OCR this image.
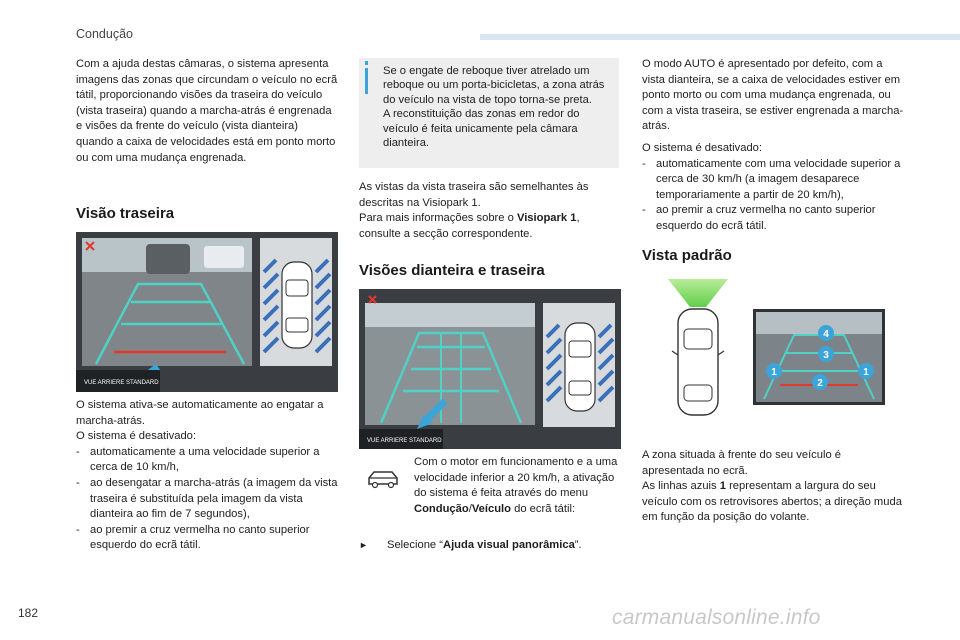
Condução

Com a ajuda destas câmaras, o sistema apresenta imagens das zonas que circundam o veículo no ecrã tátil, proporcionando visões da traseira do veículo (vista traseira) quando a marcha-atrás é engrenada e visões da frente do veículo (vista dianteira) quando a caixa de velocidades está em ponto morto ou com uma mudança engrenada.

Visão traseira
VUE ARRIERE STANDARD

O sistema ativa-se automaticamente ao engatar a marcha-atrás.

O sistema é desativado:

- automaticamente a uma velocidade superior a cerca de 10 km/h,

- ao desengatar a marcha-atrás (a imagem da vista traseira é substituída pela imagem da vista dianteira ao fim de 7 segundos),

- ao premir a cruz vermelha no canto superior esquerdo do ecrã tátil.

Se o engate de reboque tiver atrelado um reboque ou um porta-bicicletas, a zona atrás do veículo na vista de topo torna-se preta.
A reconstituição das zonas em redor do veículo é feita unicamente pela câmara dianteira.

As vistas da vista traseira são semelhantes às descritas na Visiopark 1.

Para mais informações sobre o Visiopark 1, consulte a secção correspondente.

Visões dianteira e traseira
VUE ARRIERE STANDARD

Com o motor em funcionamento e a uma velocidade inferior a 20 km/h, a ativação do sistema é feita através do menu Condução/Veículo do ecrã tátil:

► Selecione “Ajuda visual panorâmica”.

O modo AUTO é apresentado por defeito, com a vista dianteira, se a caixa de velocidades estiver em ponto morto ou com uma mudança engrenada, ou com a vista traseira, se estiver engrenada a marcha-atrás.

O sistema é desativado:

- automaticamente com uma velocidade superior a cerca de 30 km/h (a imagem desaparece temporariamente a partir de 20 km/h),

- ao premir a cruz vermelha no canto superior esquerdo do ecrã tátil.

Vista padrão
4
3
1
2
1

A zona situada à frente do seu veículo é apresentada no ecrã.

As linhas azuis 1 representam a largura do seu veículo com os retrovisores abertos; a direção muda em função da posição do volante.

182	carmanualsonline.info
